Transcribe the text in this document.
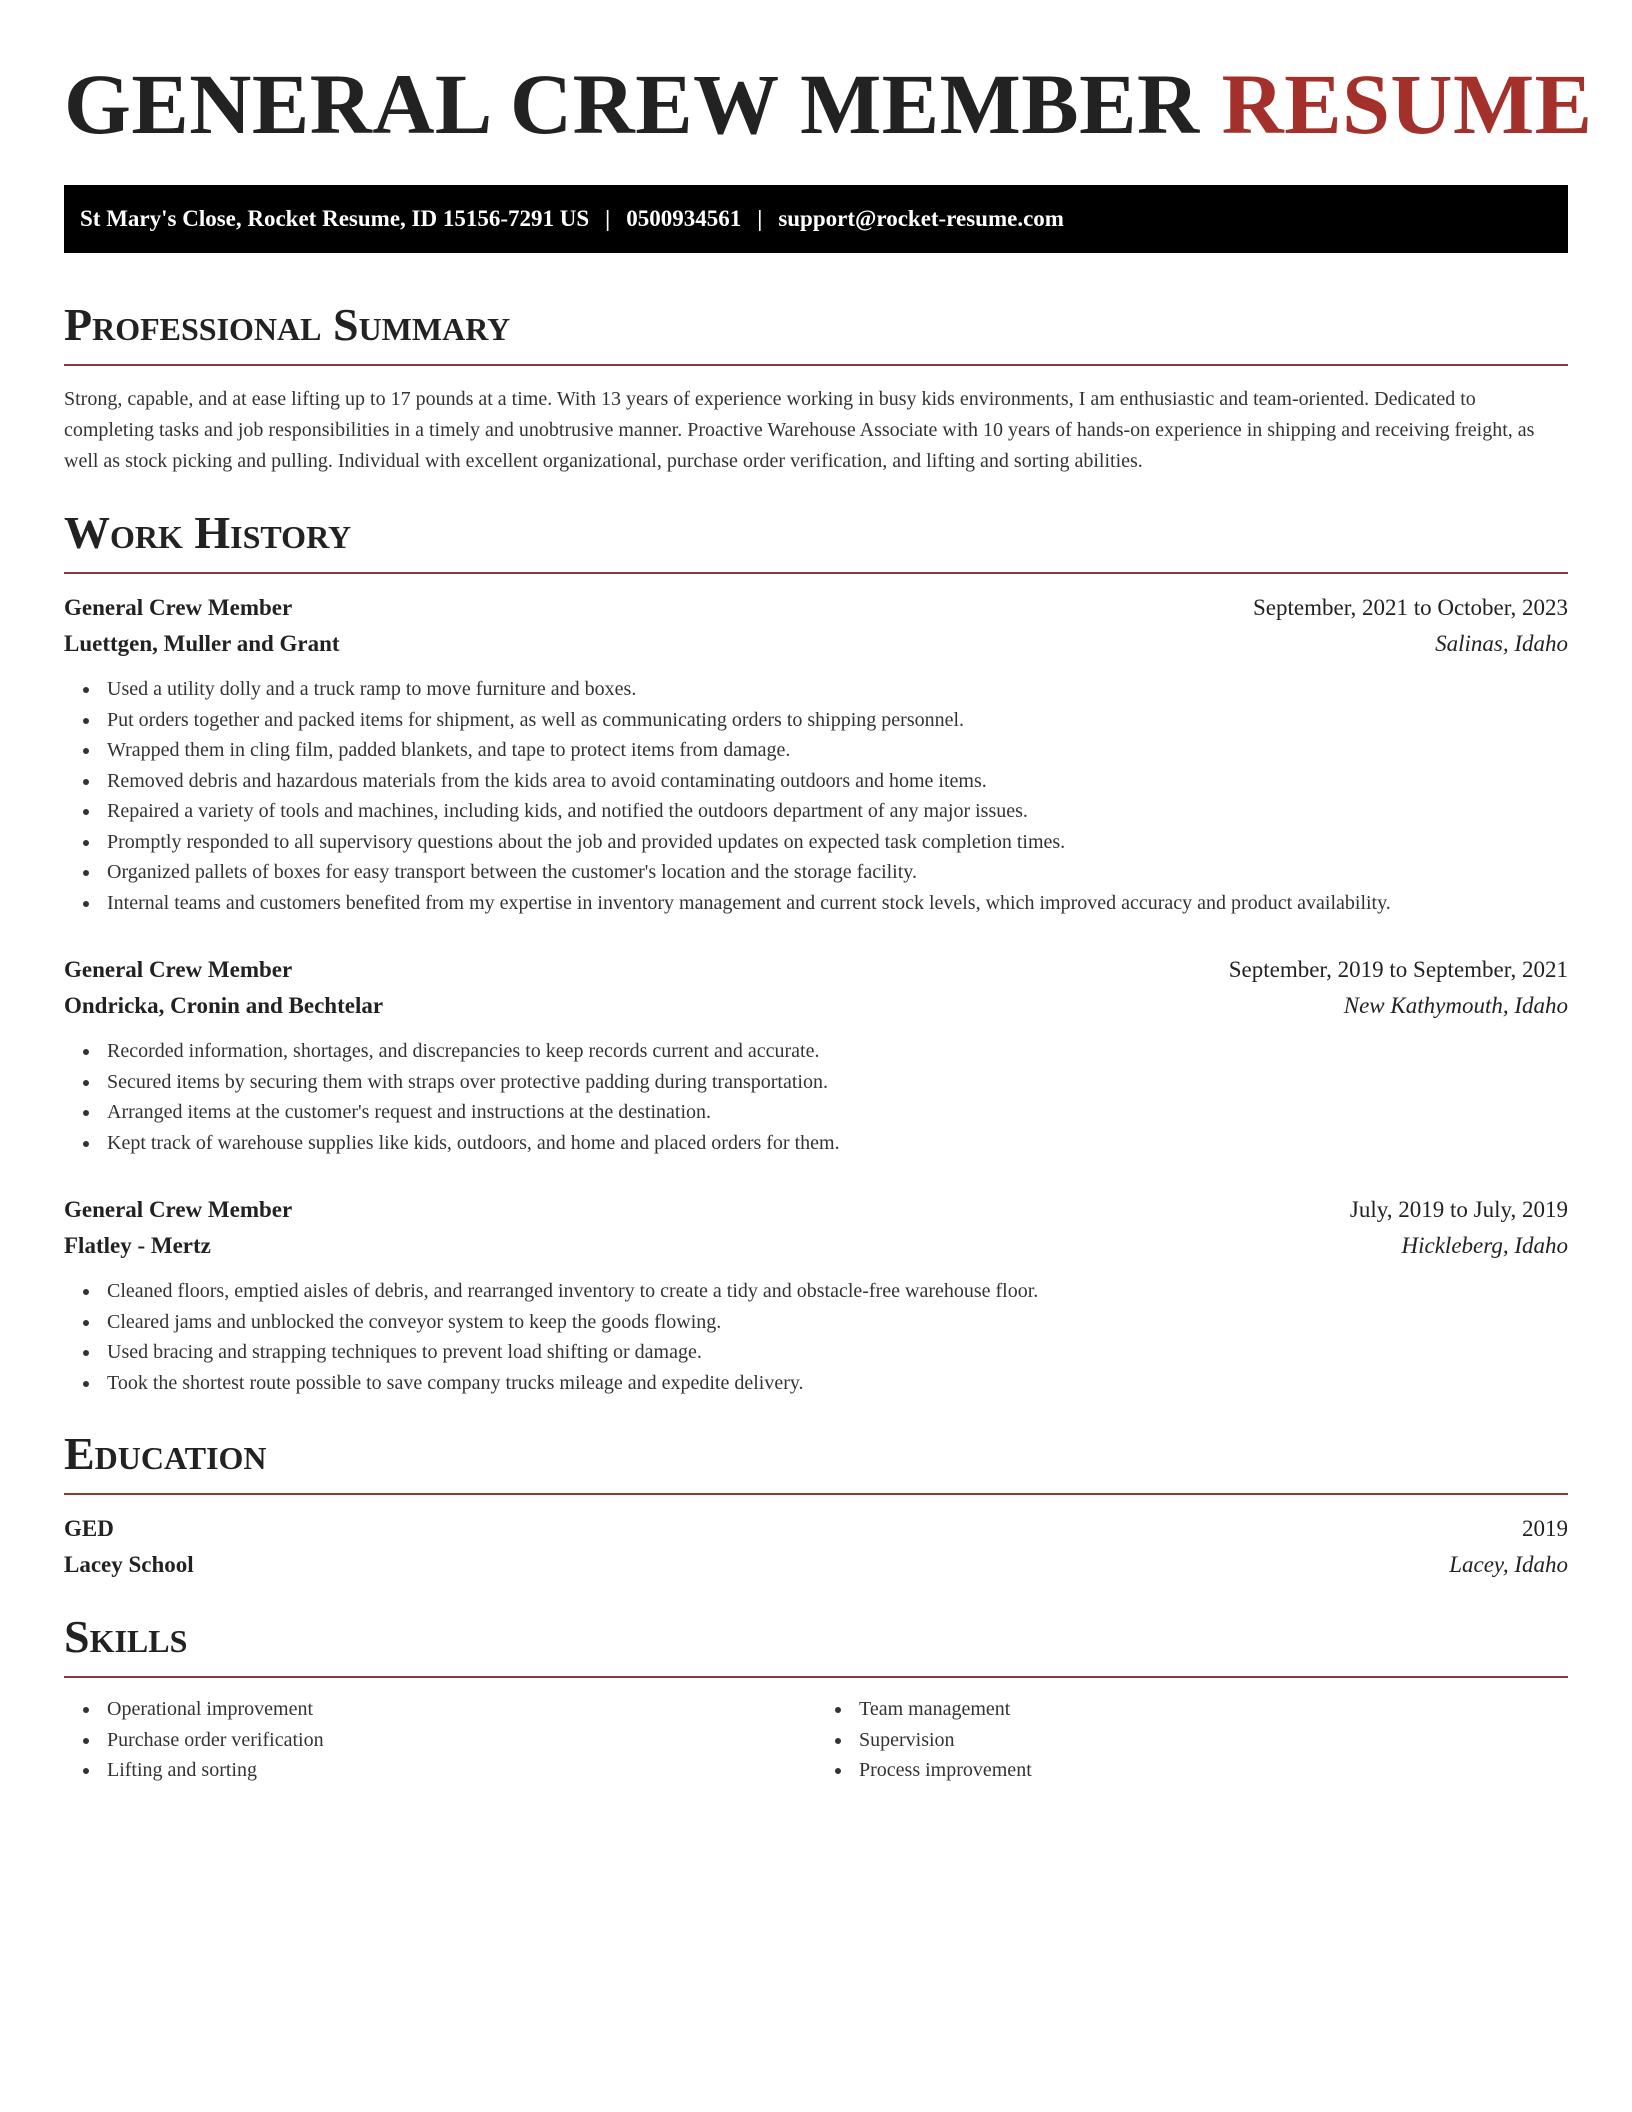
GENERAL CREW MEMBER RESUME
St Mary's Close, Rocket Resume, ID 15156-7291 US | 0500934561 | support@rocket-resume.com
Professional Summary

Strong, capable, and at ease lifting up to 17 pounds at a time. With 13 years of experience working in busy kids environments, I am enthusiastic and team-oriented. Dedicated to completing tasks and job responsibilities in a timely and unobtrusive manner. Proactive Warehouse Associate with 10 years of hands-on experience in shipping and receiving freight, as well as stock picking and pulling. Individual with excellent organizational, purchase order verification, and lifting and sorting abilities.

Work History
General Crew Member	September, 2021 to October, 2023
Luettgen, Muller and Grant	Salinas, Idaho
Used a utility dolly and a truck ramp to move furniture and boxes.
Put orders together and packed items for shipment, as well as communicating orders to shipping personnel.
Wrapped them in cling film, padded blankets, and tape to protect items from damage.
Removed debris and hazardous materials from the kids area to avoid contaminating outdoors and home items.
Repaired a variety of tools and machines, including kids, and notified the outdoors department of any major issues.
Promptly responded to all supervisory questions about the job and provided updates on expected task completion times.
Organized pallets of boxes for easy transport between the customer's location and the storage facility.
Internal teams and customers benefited from my expertise in inventory management and current stock levels, which improved accuracy and product availability.
General Crew Member	September, 2019 to September, 2021
Ondricka, Cronin and Bechtelar	New Kathymouth, Idaho
Recorded information, shortages, and discrepancies to keep records current and accurate.
Secured items by securing them with straps over protective padding during transportation.
Arranged items at the customer's request and instructions at the destination.
Kept track of warehouse supplies like kids, outdoors, and home and placed orders for them.
General Crew Member	July, 2019 to July, 2019
Flatley - Mertz	Hickleberg, Idaho
Cleaned floors, emptied aisles of debris, and rearranged inventory to create a tidy and obstacle-free warehouse floor.
Cleared jams and unblocked the conveyor system to keep the goods flowing.
Used bracing and strapping techniques to prevent load shifting or damage.
Took the shortest route possible to save company trucks mileage and expedite delivery.
Education
GED	2019
Lacey School	Lacey, Idaho
Skills
Operational improvement
Purchase order verification
Lifting and sorting
Team management
Supervision
Process improvement
